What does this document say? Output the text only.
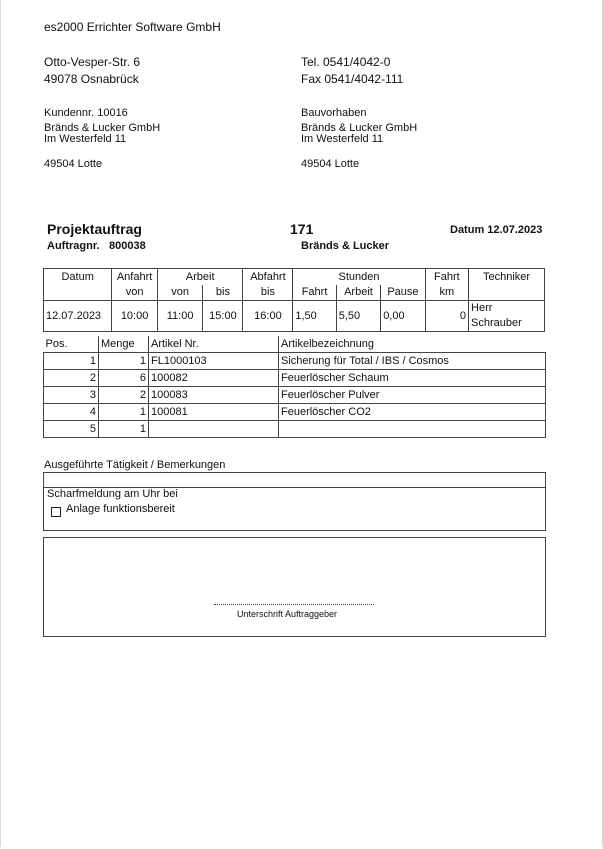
es2000 Errichter Software GmbH
Otto-Vesper-Str. 6
49078 Osnabrück
Tel. 0541/4042-0
Fax 0541/4042-111
Kundennr. 10016
Bränds & Lucker GmbH
Im Westerfeld 11
49504 Lotte
Bauvorhaben
Bränds & Lucker GmbH
Im Westerfeld 11
49504 Lotte
Projektauftrag	171	Datum 12.07.2023
Auftragnr. 800038	Bränds & Lucker
Datum	Anfahrt	Arbeit		Abfahrt	Stunden			Fahrt	Techniker
	von	von	bis	bis	Fahrt	Arbeit	Pause	km	
12.07.2023	10:00	11:00	15:00	16:00	1,50	5,50	0,00	0	Herr Schrauber
Pos.	Menge	Artikel Nr.	Artikelbezeichnung
1	1	FL1000103	Sicherung für Total / IBS / Cosmos
2	6	100082	Feuerlöscher Schaum
3	2	100083	Feuerlöscher Pulver
4	1	100081	Feuerlöscher CO2
5	1		
Ausgeführte Tätigkeit / Bemerkungen
Scharfmeldung am Uhr bei
Anlage funktionsbereit
Unterschrift Auftraggeber
